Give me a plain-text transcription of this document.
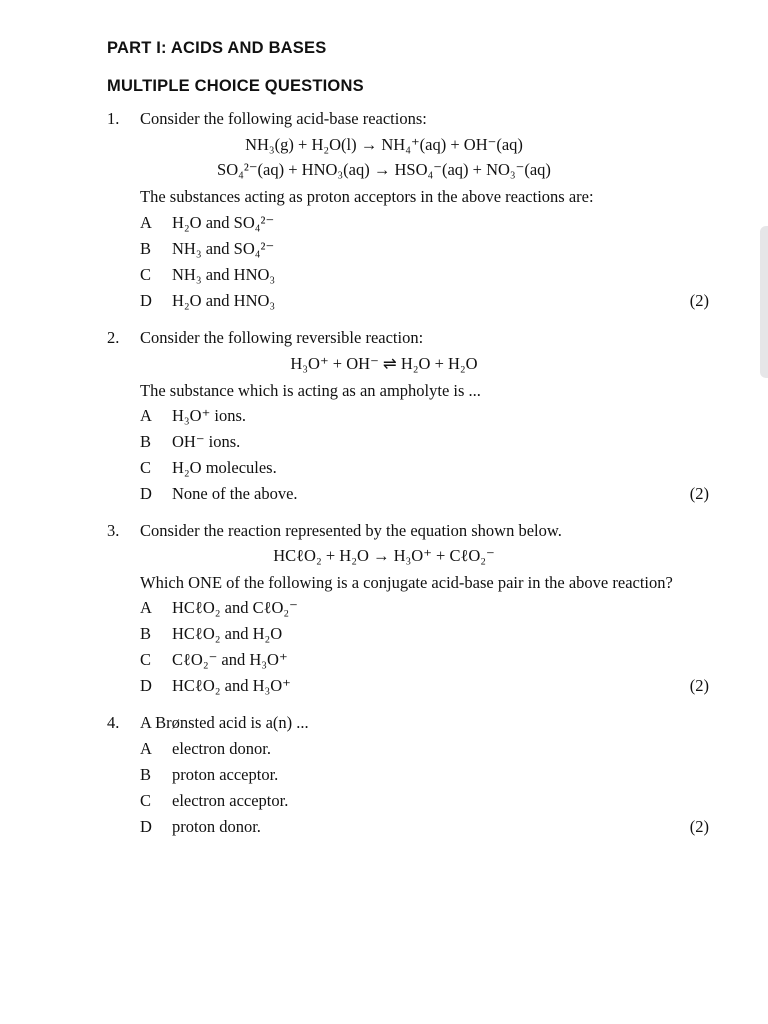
PART I: ACIDS AND BASES
MULTIPLE CHOICE QUESTIONS
1. Consider the following acid-base reactions:
NH₃(g) + H₂O(l) → NH₄⁺(aq) + OH⁻(aq)
SO₄²⁻(aq) + HNO₃(aq) → HSO₄⁻(aq) + NO₃⁻(aq)
The substances acting as proton acceptors in the above reactions are:
A	H₂O and SO₄²⁻
B	NH₃ and SO₄²⁻
C	NH₃ and HNO₃
D	H₂O and HNO₃	(2)
2. Consider the following reversible reaction:
H₃O⁺ + OH⁻ ⇌ H₂O + H₂O
The substance which is acting as an ampholyte is ...
A	H₃O⁺ ions.
B	OH⁻ ions.
C	H₂O molecules.
D	None of the above.	(2)
3. Consider the reaction represented by the equation shown below.
HCℓO₂ + H₂O → H₃O⁺ + CℓO₂⁻
Which ONE of the following is a conjugate acid-base pair in the above reaction?
A	HCℓO₂ and CℓO₂⁻
B	HCℓO₂ and H₂O
C	CℓO₂⁻ and H₃O⁺
D	HCℓO₂ and H₃O⁺	(2)
4. A Brønsted acid is a(n) ...
A	electron donor.
B	proton acceptor.
C	electron acceptor.
D	proton donor.	(2)
